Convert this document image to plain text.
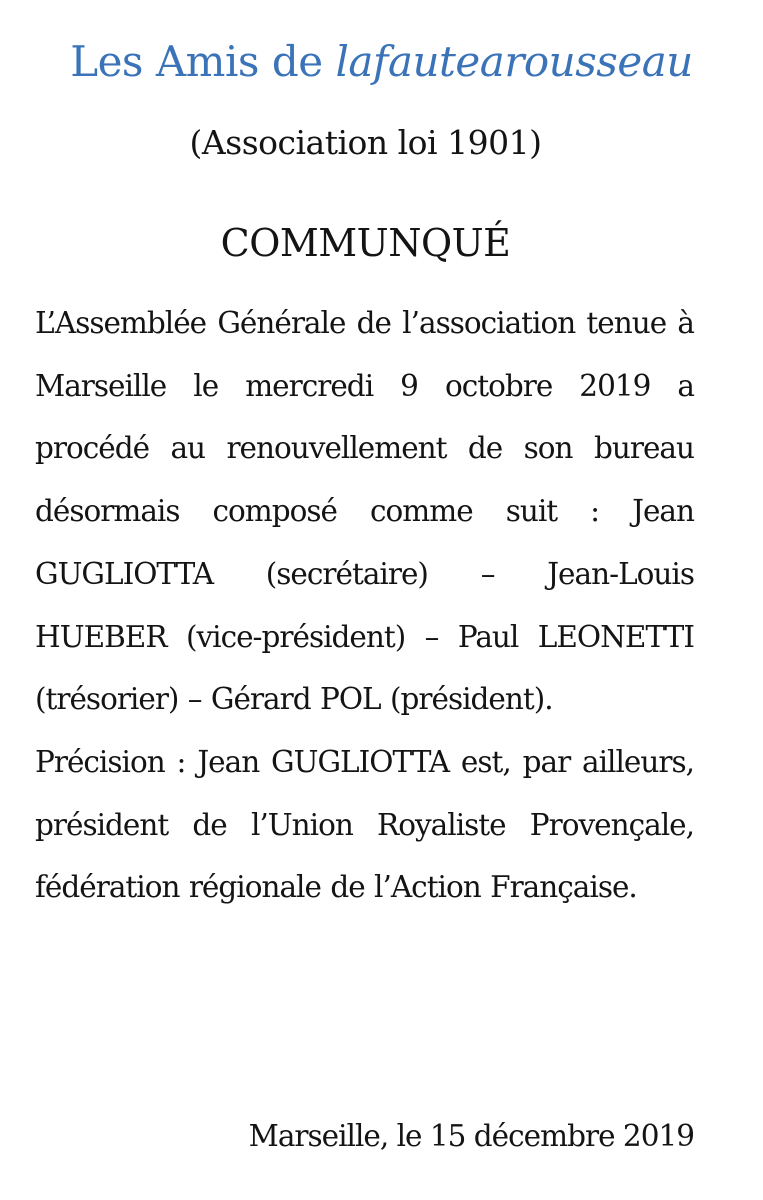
Les Amis de lafautearousseau
(Association loi 1901)
COMMUNQUÉ

L’Assemblée Générale de l’association tenue à Marseille le mercredi 9 octobre 2019 a procédé au renouvellement de son bureau désormais composé comme suit : Jean GUGLIOTTA (secrétaire) – Jean-Louis HUEBER (vice-président) – Paul LEONETTI (trésorier) – Gérard POL (président).

Précision : Jean GUGLIOTTA est, par ailleurs, président de l’Union Royaliste Provençale, fédération régionale de l’Action Française.

Marseille, le 15 décembre 2019
